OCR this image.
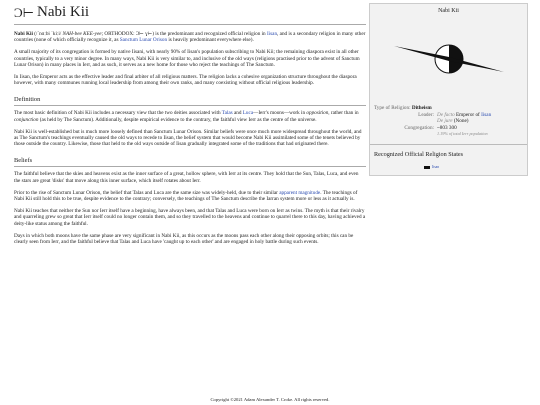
Ͻ⊢ Nabi Kii

Nabi Kii (/ˈnɑːbi ˈkiːi/ NAH-bee KEE-yee; ORTHODOX: Ͻ⊢ ɣ⊢) is the predominant and recognized official religion in Iisan, and is a secondary religion in many other countries (none of which officially recognize it, as Sanctum Lunar Orison is heavily predominant everywhere else).

A small majority of its congregation is formed by native Iisani, with nearly 90% of Iisan's population subscribing to Nabi Kii; the remaining diaspora exist in all other countries, typically to a very minor degree. In many ways, Nabi Kii is very similar to, and inclusive of the old ways (religions practised prior to the advent of Sanctum Lunar Orison) in many places in Ierr, and as such, it serves as a new home for those who reject the teachings of The Sanctum.

In Iisan, the Emperor acts as the effective leader and final arbiter of all religious matters. The religion lacks a cohesive organization structure throughout the diaspora however, with many communes running local leadership from among their own ranks, and many coexisting without official religious leadership.

Definition

The most basic definition of Nabi Kii includes a necessary view that the two deities associated with Talas and Luca—Ierr's moons—work in opposition, rather than in conjunction (as held by The Sanctum). Additionally, despite empirical evidence to the contrary, the faithful view Ierr as the centre of the universe.

Nabi Kii is well-established but is much more loosely defined than Sanctum Lunar Orison. Similar beliefs were once much more widespread throughout the world, and as The Sanctum's teachings eventually caused the old ways to recede to Iisan, the belief system that would become Nabi Kii assimilated some of the tenets believed by those outside the country. Likewise, those that held to the old ways outside of Iisan gradually integrated some of the traditions that had originated there.

Beliefs

The faithful believe that the skies and heavens exist as the inner surface of a great, hollow sphere, with Ierr at its centre. They hold that the Sun, Talas, Luca, and even the stars are great 'disks' that move along this inner surface, which itself rotates about Ierr.

Prior to the rise of Sanctum Lunar Orison, the belief that Talas and Luca are the same size was widely-held, due to their similar apparent magnitude. The teachings of Nabi Kii still hold this to be true, despite evidence to the contrary; conversely, the teachings of The Sanctum describe the Iarran system more or less as it actually is.

Nabi Kii teaches that neither the Sun nor Ierr itself have a beginning, have always been, and that Talas and Luca were born on Ierr as twins. The myth is that their rivalry and quarreling grew so great that Ierr itself could no longer contain them, and so they travelled to the heavens and continue to quarrel there to this day, having achieved a deity-like status among the faithful.

Days in which both moons have the same phase are very significant in Nabi Kii, as this occurs as the moons pass each other along their opposing orbits; this can be clearly seen from Ierr, and the faithful believe that Talas and Luca have 'caught up to each other' and are engaged in holy battle during such events.

Nabi Kii
Type of Religion:
Ditheism
Leader: De facto Emperor of Iisan
De jure (None)
Congregation: ~803 300
1.19% of total Ierr population
Recognized Official Religion States
Iisan
Copyright ©2021 Adam Alexander T. Croke. All rights reserved.
